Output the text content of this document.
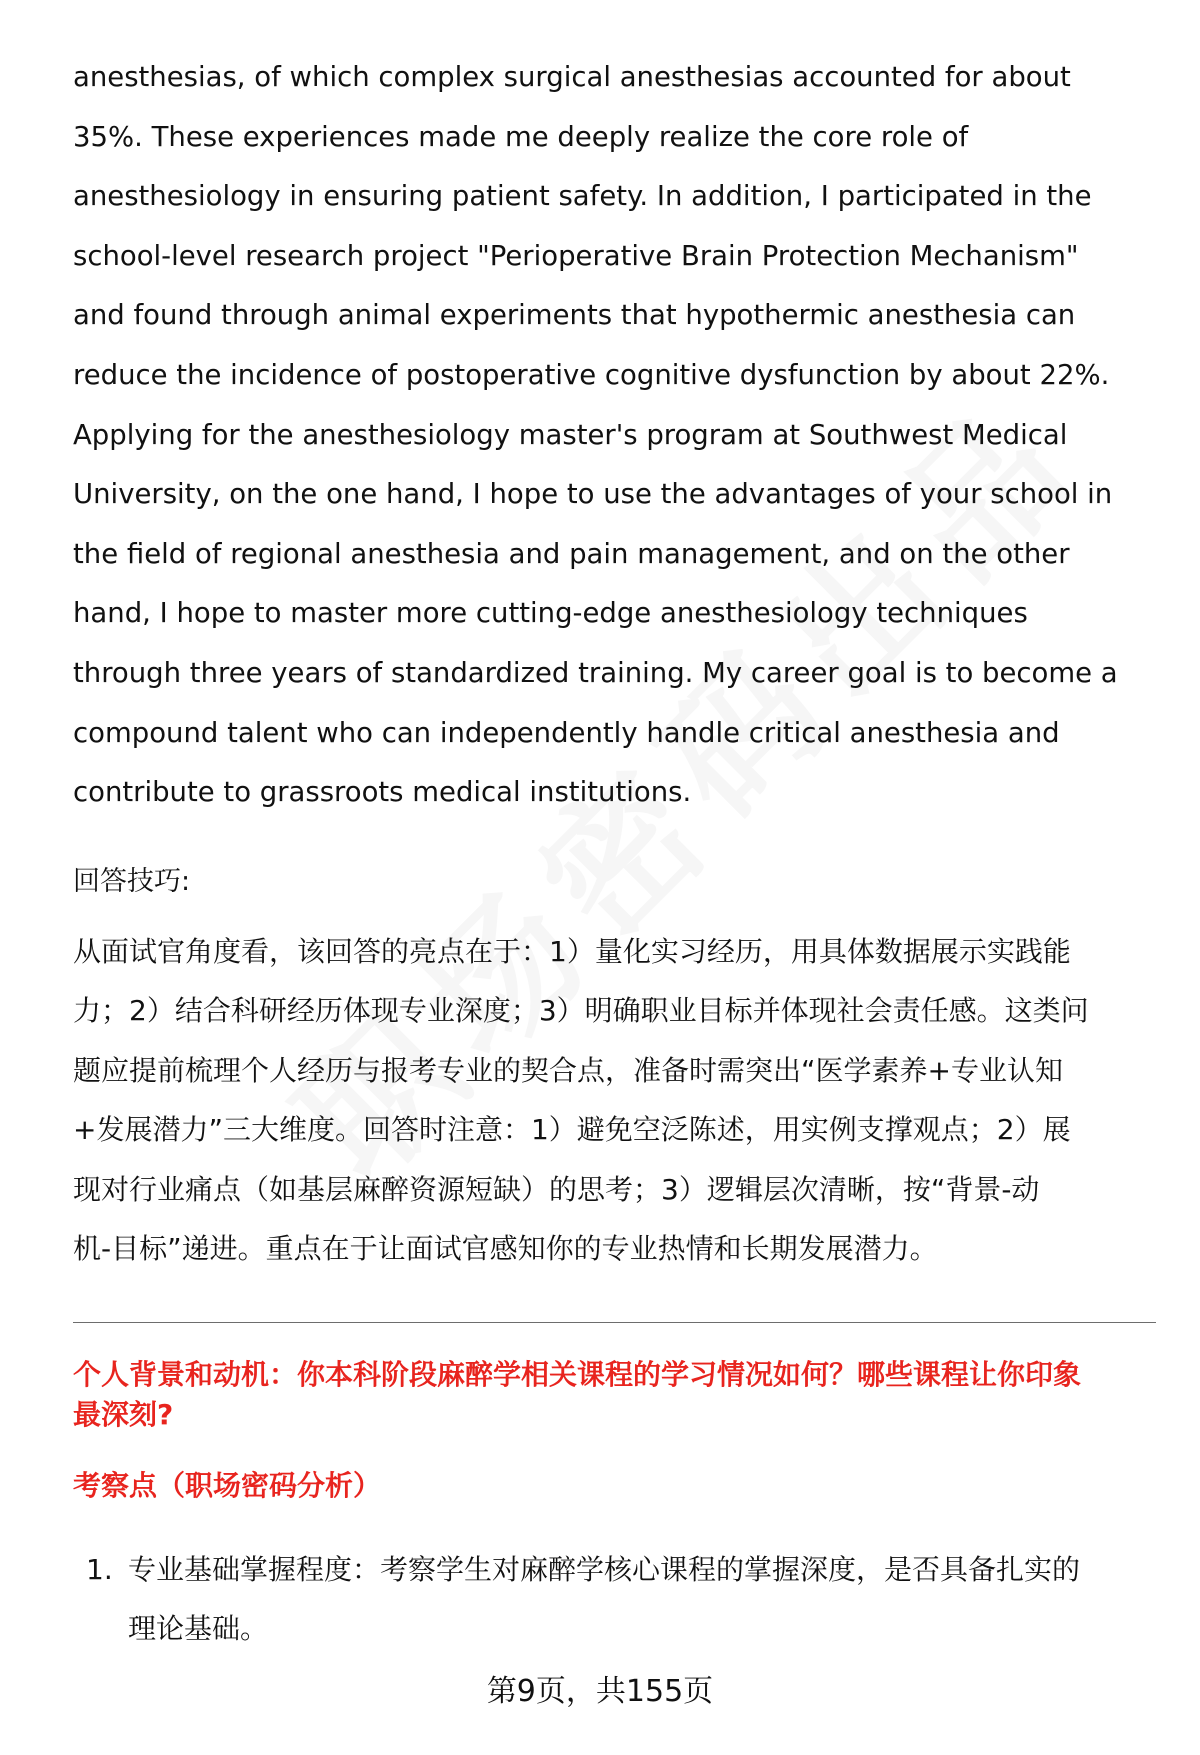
anesthesias, of which complex surgical anesthesias accounted for about
35%. These experiences made me deeply realize the core role of
anesthesiology in ensuring patient safety. In addition, I participated in the
school-level research project "Perioperative Brain Protection Mechanism"
and found through animal experiments that hypothermic anesthesia can
reduce the incidence of postoperative cognitive dysfunction by about 22%.
Applying for the anesthesiology master's program at Southwest Medical
University, on the one hand, I hope to use the advantages of your school in
the field of regional anesthesia and pain management, and on the other
hand, I hope to master more cutting-edge anesthesiology techniques
through three years of standardized training. My career goal is to become a
compound talent who can independently handle critical anesthesia and
contribute to grassroots medical institutions.

回答技巧:

从面试官角度看，该回答的亮点在于：1）量化实习经历，用具体数据展示实践能
力；2）结合科研经历体现专业深度；3）明确职业目标并体现社会责任感。这类问
题应提前梳理个人经历与报考专业的契合点，准备时需突出“医学素养+专业认知
+发展潜力”三大维度。回答时注意：1）避免空泛陈述，用实例支撑观点；2）展
现对行业痛点（如基层麻醉资源短缺）的思考；3）逻辑层次清晰，按“背景-动
机-目标”递进。重点在于让面试官感知你的专业热情和长期发展潜力。

个人背景和动机：你本科阶段麻醉学相关课程的学习情况如何？哪些课程让你印象
最深刻?
考察点（职场密码分析）
1. 专业基础掌握程度：考察学生对麻醉学核心课程的掌握深度，是否具备扎实的
理论基础。
第9页，共155页
